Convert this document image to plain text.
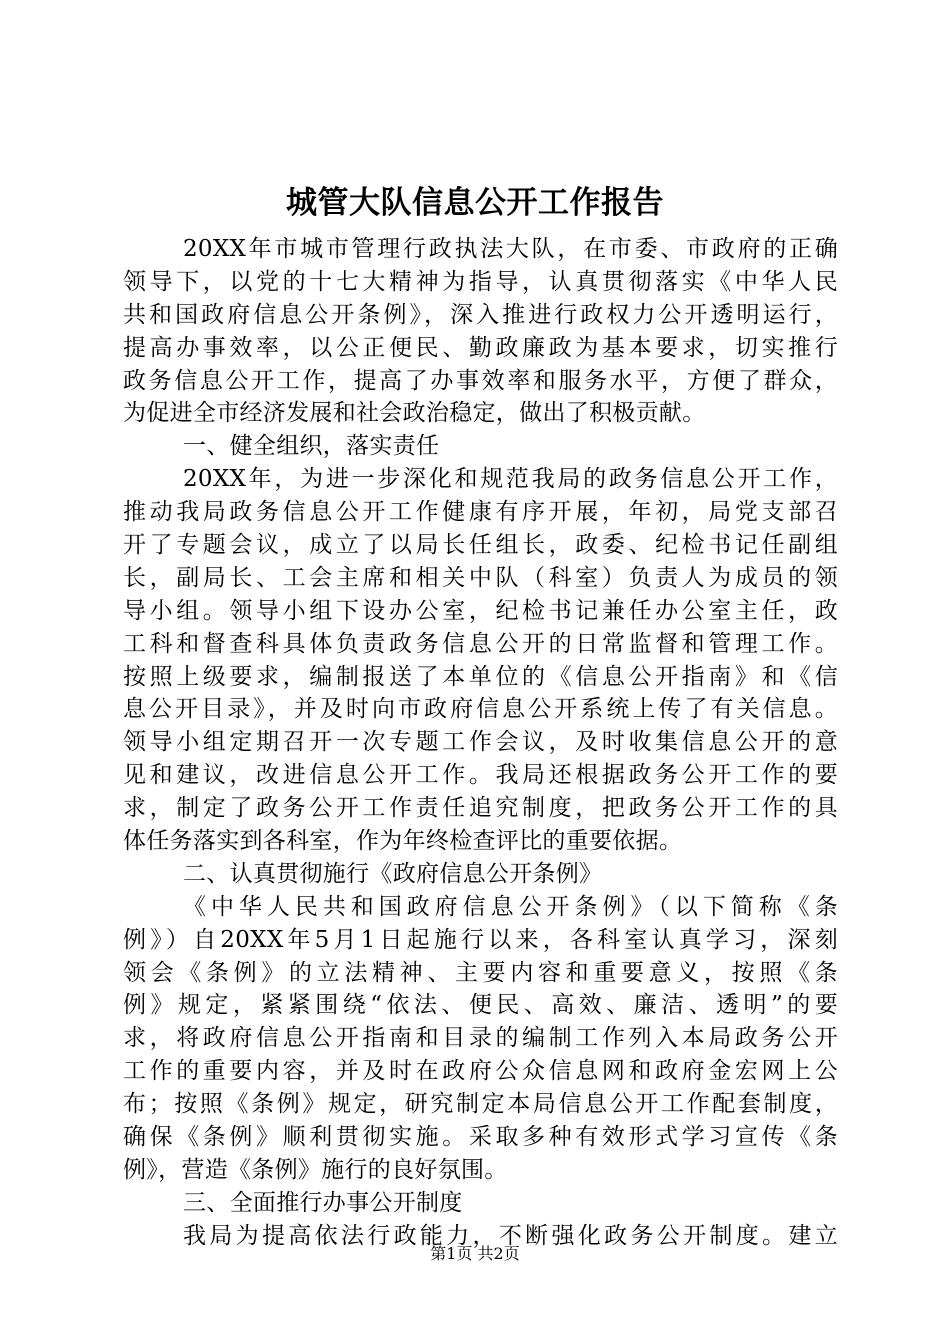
城管大队信息公开工作报告
20XX年市城市管理行政执法大队，在市委、市政府的正确
领导下，以党的十七大精神为指导，认真贯彻落实《中华人民
共和国政府信息公开条例》，深入推进行政权力公开透明运行，
提高办事效率，以公正便民、勤政廉政为基本要求，切实推行
政务信息公开工作，提高了办事效率和服务水平，方便了群众，
为促进全市经济发展和社会政治稳定，做出了积极贡献。
一、健全组织，落实责任
20XX年，为进一步深化和规范我局的政务信息公开工作，
推动我局政务信息公开工作健康有序开展，年初，局党支部召
开了专题会议，成立了以局长任组长，政委、纪检书记任副组
长，副局长、工会主席和相关中队（科室）负责人为成员的领
导小组。领导小组下设办公室，纪检书记兼任办公室主任，政
工科和督查科具体负责政务信息公开的日常监督和管理工作。
按照上级要求，编制报送了本单位的《信息公开指南》和《信
息公开目录》，并及时向市政府信息公开系统上传了有关信息。
领导小组定期召开一次专题工作会议，及时收集信息公开的意
见和建议，改进信息公开工作。我局还根据政务公开工作的要
求，制定了政务公开工作责任追究制度，把政务公开工作的具
体任务落实到各科室，作为年终检查评比的重要依据。
二、认真贯彻施行《政府信息公开条例》
《中华人民共和国政府信息公开条例》（以下简称《条
例》）自20XX年5月1日起施行以来，各科室认真学习，深刻
领会《条例》的立法精神、主要内容和重要意义，按照《条
例》规定，紧紧围绕“依法、便民、高效、廉洁、透明”的要
求，将政府信息公开指南和目录的编制工作列入本局政务公开
工作的重要内容，并及时在政府公众信息网和政府金宏网上公
布；按照《条例》规定，研究制定本局信息公开工作配套制度，
确保《条例》顺利贯彻实施。采取多种有效形式学习宣传《条
例》，营造《条例》施行的良好氛围。
三、全面推行办事公开制度
我局为提高依法行政能力，不断强化政务公开制度。建立
第1页 共2页
